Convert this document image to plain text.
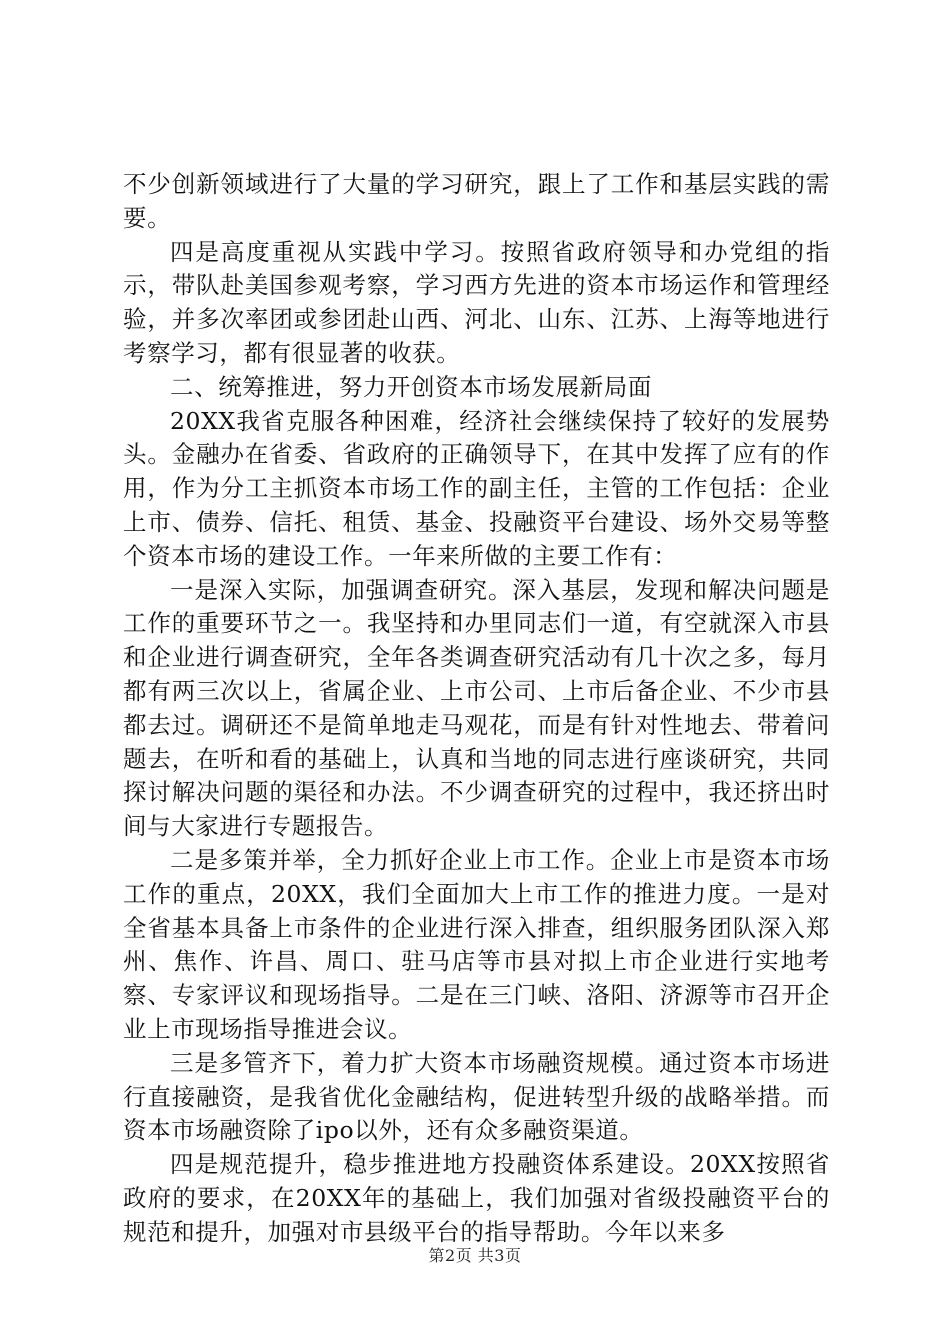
不少创新领域进行了大量的学习研究，跟上了工作和基层实践的需要。

四是高度重视从实践中学习。按照省政府领导和办党组的指示，带队赴美国参观考察，学习西方先进的资本市场运作和管理经验，并多次率团或参团赴山西、河北、山东、江苏、上海等地进行考察学习，都有很显著的收获。

二、统筹推进，努力开创资本市场发展新局面

20XX我省克服各种困难，经济社会继续保持了较好的发展势头。金融办在省委、省政府的正确领导下，在其中发挥了应有的作用，作为分工主抓资本市场工作的副主任，主管的工作包括：企业上市、债券、信托、租赁、基金、投融资平台建设、场外交易等整个资本市场的建设工作。一年来所做的主要工作有：

一是深入实际，加强调查研究。深入基层，发现和解决问题是工作的重要环节之一。我坚持和办里同志们一道，有空就深入市县和企业进行调查研究，全年各类调查研究活动有几十次之多，每月都有两三次以上，省属企业、上市公司、上市后备企业、不少市县都去过。调研还不是简单地走马观花，而是有针对性地去、带着问题去，在听和看的基础上，认真和当地的同志进行座谈研究，共同探讨解决问题的渠径和办法。不少调查研究的过程中，我还挤出时间与大家进行专题报告。

二是多策并举，全力抓好企业上市工作。企业上市是资本市场工作的重点，20XX，我们全面加大上市工作的推进力度。一是对全省基本具备上市条件的企业进行深入排查，组织服务团队深入郑州、焦作、许昌、周口、驻马店等市县对拟上市企业进行实地考察、专家评议和现场指导。二是在三门峡、洛阳、济源等市召开企业上市现场指导推进会议。

三是多管齐下，着力扩大资本市场融资规模。通过资本市场进行直接融资，是我省优化金融结构，促进转型升级的战略举措。而资本市场融资除了ipo以外，还有众多融资渠道。

四是规范提升，稳步推进地方投融资体系建设。20XX按照省政府的要求，在20XX年的基础上，我们加强对省级投融资平台的规范和提升，加强对市县级平台的指导帮助。今年以来多

第2页 共3页
